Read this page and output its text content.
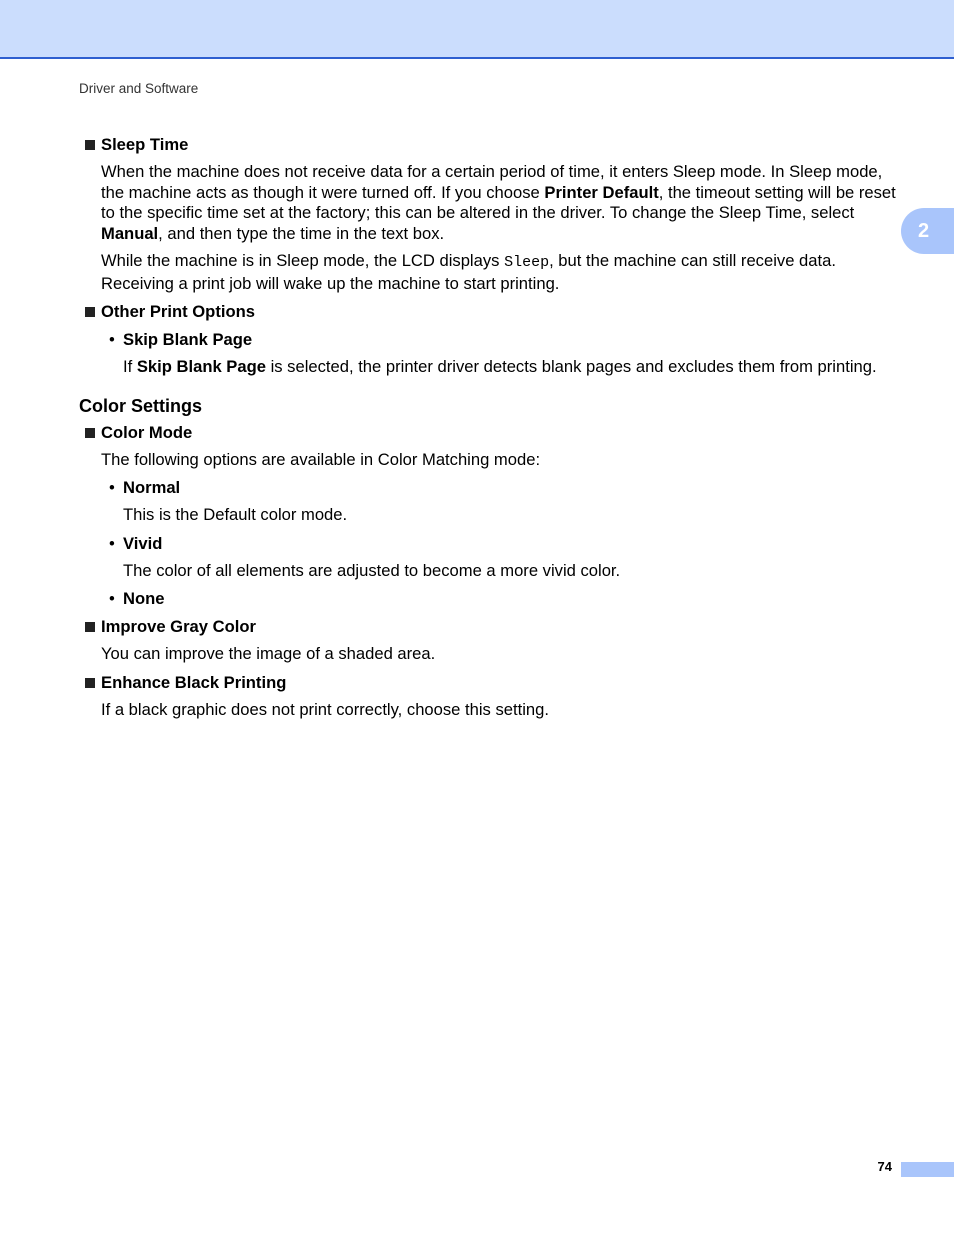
Driver and Software
2
Sleep Time
When the machine does not receive data for a certain period of time, it enters Sleep mode. In Sleep mode, the machine acts as though it were turned off. If you choose Printer Default, the timeout setting will be reset to the specific time set at the factory; this can be altered in the driver. To change the Sleep Time, select Manual, and then type the time in the text box.
While the machine is in Sleep mode, the LCD displays Sleep, but the machine can still receive data. Receiving a print job will wake up the machine to start printing.
Other Print Options
• Skip Blank Page
If Skip Blank Page is selected, the printer driver detects blank pages and excludes them from printing.
Color Settings
Color Mode
The following options are available in Color Matching mode:
• Normal
This is the Default color mode.
• Vivid
The color of all elements are adjusted to become a more vivid color.
• None
Improve Gray Color
You can improve the image of a shaded area.
Enhance Black Printing
If a black graphic does not print correctly, choose this setting.
74
